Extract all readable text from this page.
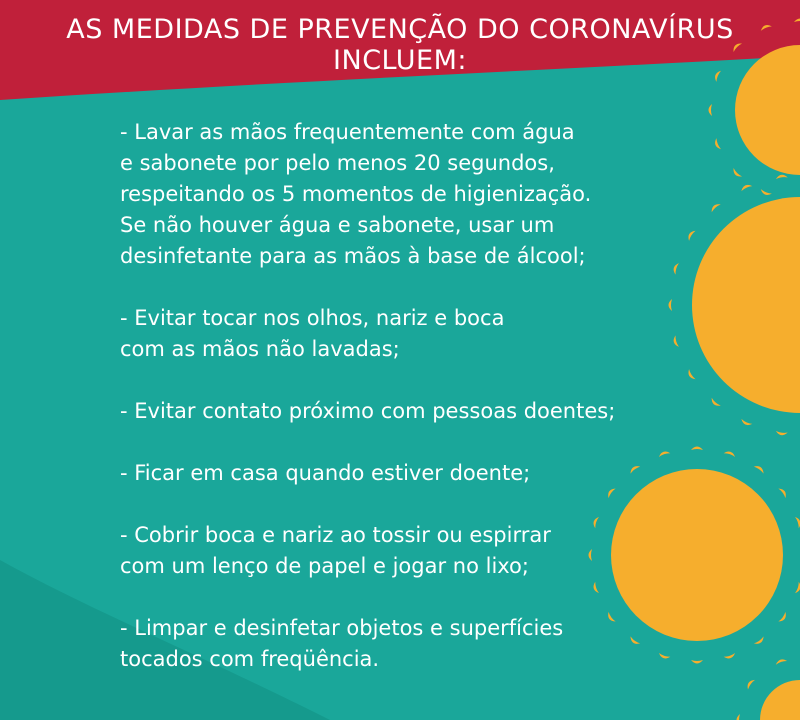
AS MEDIDAS DE PREVENÇÃO DO CORONAVÍRUS INCLUEM:
- Lavar as mãos frequentemente com água
e sabonete por pelo menos 20 segundos,
respeitando os 5 momentos de higienização.
Se não houver água e sabonete, usar um
desinfetante para as mãos à base de álcool;
- Evitar tocar nos olhos, nariz e boca
com as mãos não lavadas;
- Evitar contato próximo com pessoas doentes;
- Ficar em casa quando estiver doente;
- Cobrir boca e nariz ao tossir ou espirrar
com um lenço de papel e jogar no lixo;
- Limpar e desinfetar objetos e superfícies
tocados com freqüência.
